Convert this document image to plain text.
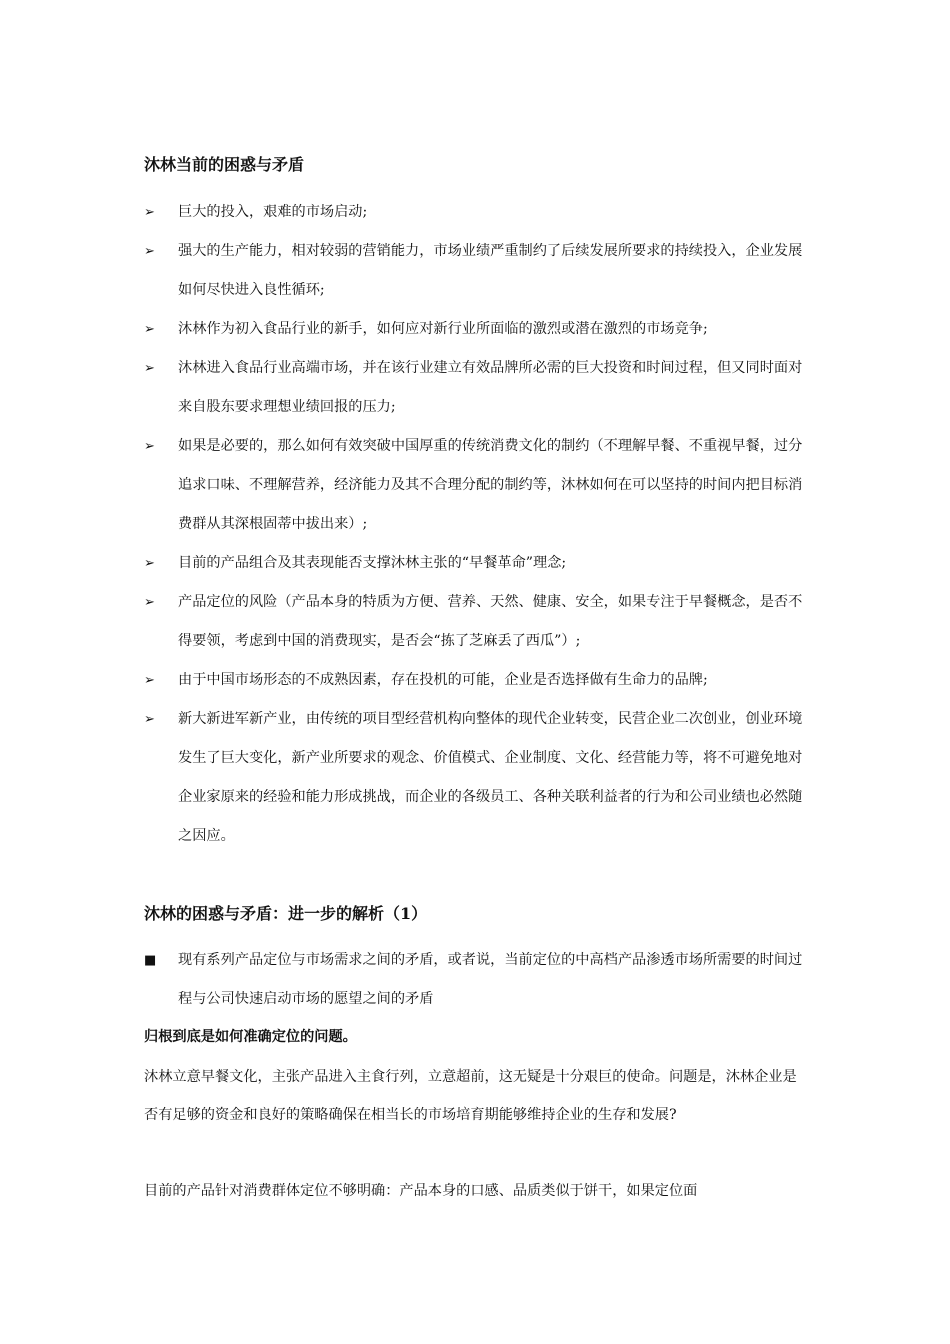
沐林当前的困惑与矛盾
➢	巨大的投入，艰难的市场启动;
➢	强大的生产能力，相对较弱的营销能力，市场业绩严重制约了后续发展所要求的持续投入，企业发展如何尽快进入良性循环;
➢	沐林作为初入食品行业的新手，如何应对新行业所面临的激烈或潜在激烈的市场竞争;
➢	沐林进入食品行业高端市场，并在该行业建立有效品牌所必需的巨大投资和时间过程，但又同时面对来自股东要求理想业绩回报的压力;
➢	如果是必要的，那么如何有效突破中国厚重的传统消费文化的制约（不理解早餐、不重视早餐，过分追求口味、不理解营养，经济能力及其不合理分配的制约等，沐林如何在可以坚持的时间内把目标消费群从其深根固蒂中拔出来）;
➢	目前的产品组合及其表现能否支撑沐林主张的“早餐革命”理念;
➢	产品定位的风险（产品本身的特质为方便、营养、天然、健康、安全，如果专注于早餐概念，是否不得要领，考虑到中国的消费现实，是否会“拣了芝麻丢了西瓜”）;
➢	由于中国市场形态的不成熟因素，存在投机的可能，企业是否选择做有生命力的品牌;
➢	新大新进军新产业，由传统的项目型经营机构向整体的现代企业转变，民营企业二次创业，创业环境发生了巨大变化，新产业所要求的观念、价值模式、企业制度、文化、经营能力等，将不可避免地对企业家原来的经验和能力形成挑战，而企业的各级员工、各种关联利益者的行为和公司业绩也必然随之因应。
沐林的困惑与矛盾：进一步的解析（1）
■ 现有系列产品定位与市场需求之间的矛盾，或者说，当前定位的中高档产品渗透市场所需要的时间过程与公司快速启动市场的愿望之间的矛盾
归根到底是如何准确定位的问题。

沐林立意早餐文化，主张产品进入主食行列，立意超前，这无疑是十分艰巨的使命。问题是，沐林企业是否有足够的资金和良好的策略确保在相当长的市场培育期能够维持企业的生存和发展?

目前的产品针对消费群体定位不够明确：产品本身的口感、品质类似于饼干，如果定位面
